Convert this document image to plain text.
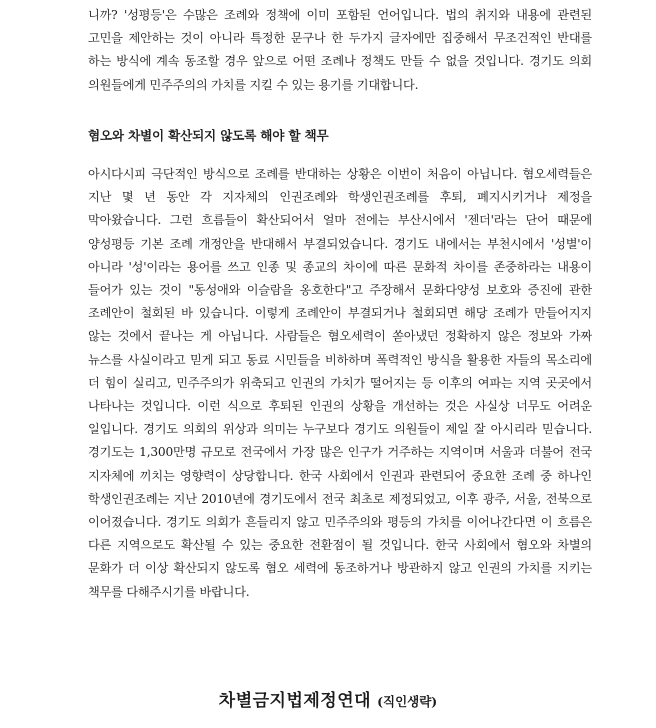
니까? '성평등'은 수많은 조례와 정책에 이미 포함된 언어입니다. 법의 취지와 내용에 관련된 고민을 제안하는 것이 아니라 특정한 문구나 한 두가지 글자에만 집중해서 무조건적인 반대를 하는 방식에 계속 동조할 경우 앞으로 어떤 조례나 정책도 만들 수 없을 것입니다. 경기도 의회 의원들에게 민주주의의 가치를 지킬 수 있는 용기를 기대합니다.

혐오와 차별이 확산되지 않도록 해야 할 책무

아시다시피 극단적인 방식으로 조례를 반대하는 상황은 이번이 처음이 아닙니다. 혐오세력들은 지난 몇 년 동안 각 지자체의 인권조례와 학생인권조례를 후퇴, 폐지시키거나 제정을 막아왔습니다. 그런 흐름들이 확산되어서 얼마 전에는 부산시에서 '젠더'라는 단어 때문에 양성평등 기본 조례 개정안을 반대해서 부결되었습니다. 경기도 내에서는 부천시에서 '성별'이 아니라 '성'이라는 용어를 쓰고 인종 및 종교의 차이에 따른 문화적 차이를 존중하라는 내용이 들어가 있는 것이 "동성애와 이슬람을 옹호한다"고 주장해서 문화다양성 보호와 증진에 관한 조례안이 철회된 바 있습니다. 이렇게 조례안이 부결되거나 철회되면 해당 조례가 만들어지지 않는 것에서 끝나는 게 아닙니다. 사람들은 혐오세력이 쏟아냈던 정확하지 않은 정보와 가짜 뉴스를 사실이라고 믿게 되고 동료 시민들을 비하하며 폭력적인 방식을 활용한 자들의 목소리에 더 힘이 실리고, 민주주의가 위축되고 인권의 가치가 떨어지는 등 이후의 여파는 지역 곳곳에서 나타나는 것입니다. 이런 식으로 후퇴된 인권의 상황을 개선하는 것은 사실상 너무도 어려운 일입니다. 경기도 의회의 위상과 의미는 누구보다 경기도 의원들이 제일 잘 아시리라 믿습니다. 경기도는 1,300만명 규모로 전국에서 가장 많은 인구가 거주하는 지역이며 서울과 더불어 전국 지자체에 끼치는 영향력이 상당합니다. 한국 사회에서 인권과 관련되어 중요한 조례 중 하나인 학생인권조례는 지난 2010년에 경기도에서 전국 최초로 제정되었고, 이후 광주, 서울, 전북으로 이어졌습니다. 경기도 의회가 흔들리지 않고 민주주의와 평등의 가치를 이어나간다면 이 흐름은 다른 지역으로도 확산될 수 있는 중요한 전환점이 될 것입니다. 한국 사회에서 혐오와 차별의 문화가 더 이상 확산되지 않도록 혐오 세력에 동조하거나 방관하지 않고 인권의 가치를 지키는 책무를 다해주시기를 바랍니다.

차별금지법제정연대 (직인생략)
